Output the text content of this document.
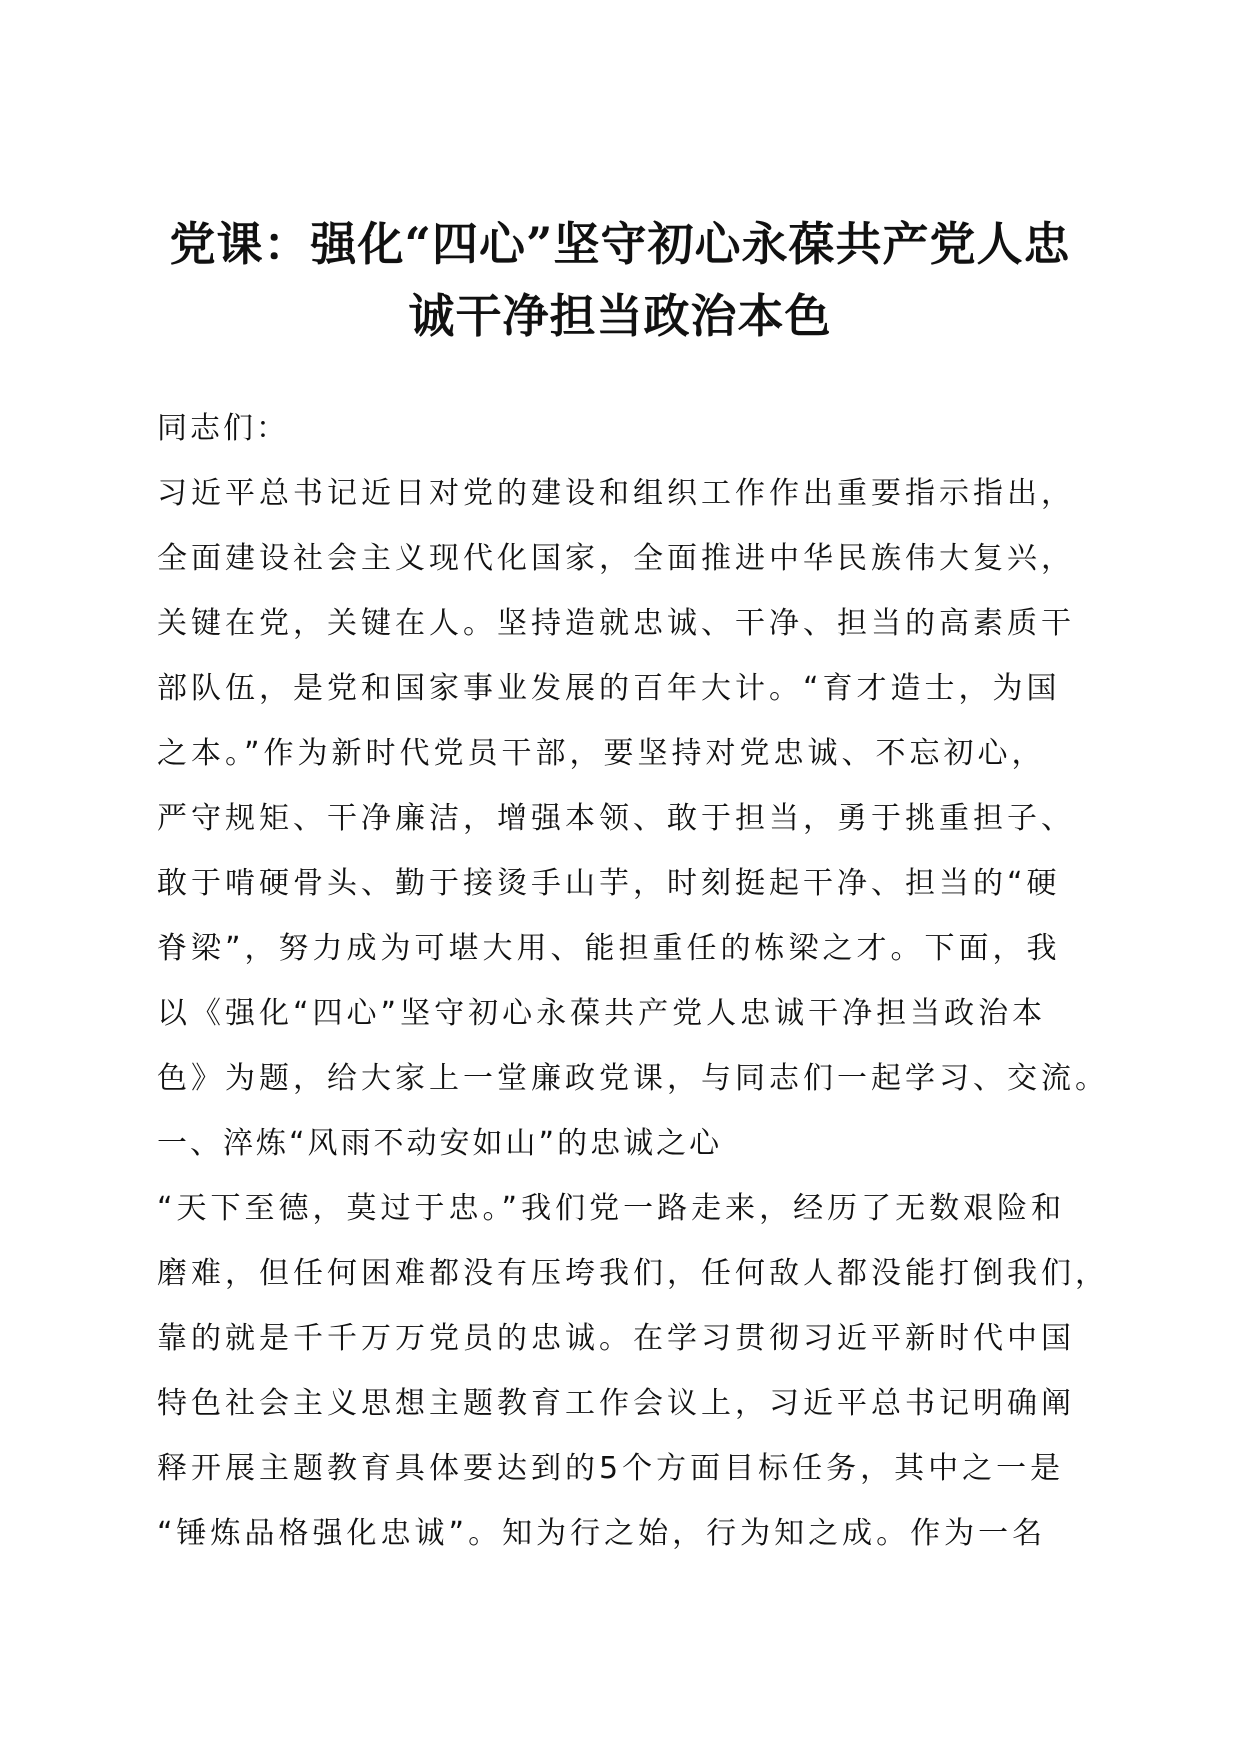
党课：强化“四心”坚守初心永葆共产党人忠
诚干净担当政治本色
同志们：
习近平总书记近日对党的建设和组织工作作出重要指示指出，
全面建设社会主义现代化国家，全面推进中华民族伟大复兴，
关键在党，关键在人。坚持造就忠诚、干净、担当的高素质干
部队伍，是党和国家事业发展的百年大计。“育才造士，为国
之本。”作为新时代党员干部，要坚持对党忠诚、不忘初心，
严守规矩、干净廉洁，增强本领、敢于担当，勇于挑重担子、
敢于啃硬骨头、勤于接烫手山芋，时刻挺起干净、担当的“硬
脊梁”，努力成为可堪大用、能担重任的栋梁之才。下面，我
以《强化“四心”坚守初心永葆共产党人忠诚干净担当政治本
色》为题，给大家上一堂廉政党课，与同志们一起学习、交流。
一、淬炼“风雨不动安如山”的忠诚之心
“天下至德，莫过于忠。”我们党一路走来，经历了无数艰险和
磨难，但任何困难都没有压垮我们，任何敌人都没能打倒我们，
靠的就是千千万万党员的忠诚。在学习贯彻习近平新时代中国
特色社会主义思想主题教育工作会议上，习近平总书记明确阐
释开展主题教育具体要达到的5个方面目标任务，其中之一是
“锤炼品格强化忠诚”。知为行之始，行为知之成。作为一名
